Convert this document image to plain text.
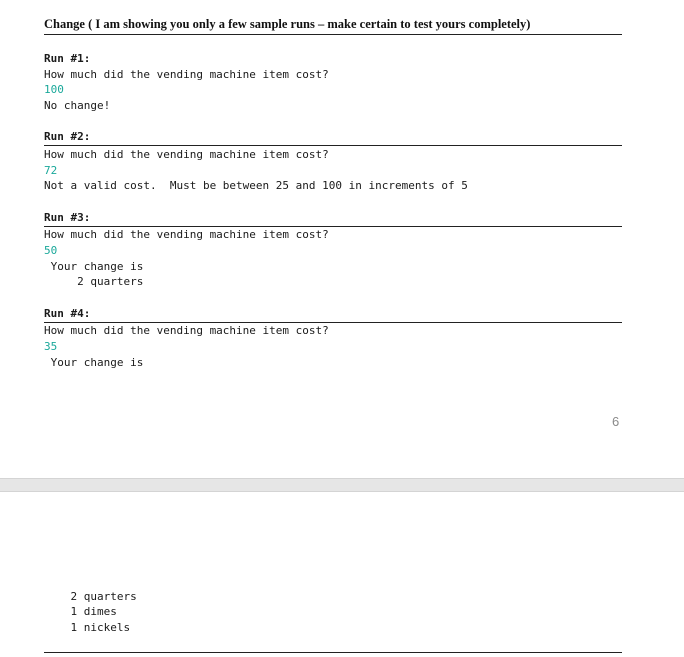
Change ( I am showing you only a few sample runs – make certain to test yours completely)
Run #1:
How much did the vending machine item cost?
100
No change!
Run #2:
How much did the vending machine item cost?
72
Not a valid cost.  Must be between 25 and 100 in increments of 5
Run #3:
How much did the vending machine item cost?
50
Your change is
2 quarters
Run #4:
How much did the vending machine item cost?
35
Your change is
6
2 quarters
1 dimes
1 nickels
